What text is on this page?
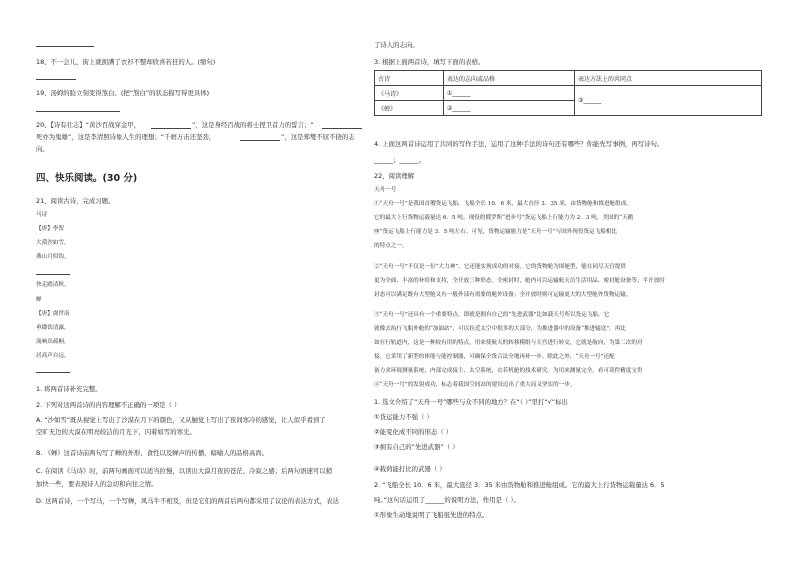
18、不一会儿，街上就拥满了衣衫不整却欣喜若狂的人。(缩句)
19、汤姆的脸立刻变得煞白。(把“煞白”的状态描写得更具体)
20、【诗有壮志】“黄沙百战穿金甲，	”，这是身经百战的将士捏卫首力的誓言；“
死亦为鬼雄”，这是李清照诗象人生的理想；“千磨万击还坚劲，	”，这是郑燮不屈不挠的志
向。
四、快乐阅读。(30 分)
21、阅读古诗，完成习题。
马诗
【唐】李贺
大漠沙如雪，
燕山月似钩。
快走踏清秋。
蝉
【唐】虞世南
垂緌饮清露，
流响出疏桐。
居高声自远，
1. 将两首诗补充完整。
2. 下列对这两首诗的内容理解不正确的一项是（ ）
A. “沙如雪”既从视觉上写出了沙漠在月下的颜色，又从触觉上写出了夜间寒冷的感觉，让人似乎看到了
空旷无边的大漠在明亮皎洁的月光下，闪着如雪的寒光。
B. 《蝉》这首诗前两句写了蝉的外形、食性以及蝉声的传播，暗喻人的品格高尚。
C. 在阅读《马诗》时，前两句画面可以适当拉慢，以读出大漠月夜的苍茫、冷寂之感；后两句语速可以稍
加快一些，要表现诗人的急切和向往之情。
D. 这两首诗，一个写马，一个写蝉，风马牛不相及，但是它们的两首后两句都采用了议论的表达方式，表达
了诗人的志向。
3. 根据上面两首诗，填写下面的表格。
古诗	表达的志向或品格	表达方法上的共同点
《马诗》	①______	③______
《蝉》	②______	
4. 上面这两首诗运用了共同的写作手法，运用了这种手法的诗句还有哪些？你能先写事例，再写诗句。
______；______。
22、阅读理解
天舟一号
①“天舟一号”是我国首艘货运飞船，飞船全长 10．6 米，最大直径 3．35 米，由货物舱和推进舱组成。
它的最大上行货物运载量达 6．5 吨。现役的俄罗斯“进步号”货运飞船上行能力为 2．3 吨，美国的“天鹅
座”货运飞船上行能力是 3．5 吨左右。可见，货物运输能力是“天舟一号”与国外现役货运飞船相比
的特点之一。
②“天舟一号”不仅是一位“大力神”，它还能实现成功的对接。它的货物舱为围舱型，能在同尽天宫提供
更为全面、丰富的补给和支持，全开放三种形态。全密封时，舱内可以运输航天员生活用品、密封舱设备等；半开放时
封态可以满足既有大型舱又有一般外部有需要的舱外设备；全开放时则可运输更大的大型舱外货物运输。
③“天舟一号”还具有一个重要特点，即就是拥有自己的“先进武器”比如载天号所以货运飞船。它
就像去执行飞船外舱的“加油站”，可以拉近太空中很多的大部分，为推进器中的设备“推进输送”。再比
如在行轨道内，这是一种较有用的特点，用来使航天的转移模组与天宫进行转交，它就是航向，为第二次的对
接。它采用了新型的体能与能控制器，可确保全货合法全地再补一步。除此之外，“天舟一号”还配
备力求环境测量系统，内部完成接主、太空系统，衣若机舱的技术研究。为用来测量完全，看可读件精度宝贵
④“天舟一号”的发射成功，标志着我国空间站的建设迈出了重大而又坚实的一步。
1. 选文介绍了“天舟一号”哪些与众不同的地方？在“（ ）”里打“√”标出
①货运能力不强（ ）
②能变化成不同的形态（ ）
③拥有自己的“先进武器”（ ）
④载荷能打比的武器（ ）
2. “飞船全长 10．6 米，最大直径 3．35 米由货物舱和推进舱组成。它的最大上行货物运载量达 6．5
吨。”这句话运用了______的说明方法，作用是（ ）。
①形象生动地说明了飞船很先进的特点。
